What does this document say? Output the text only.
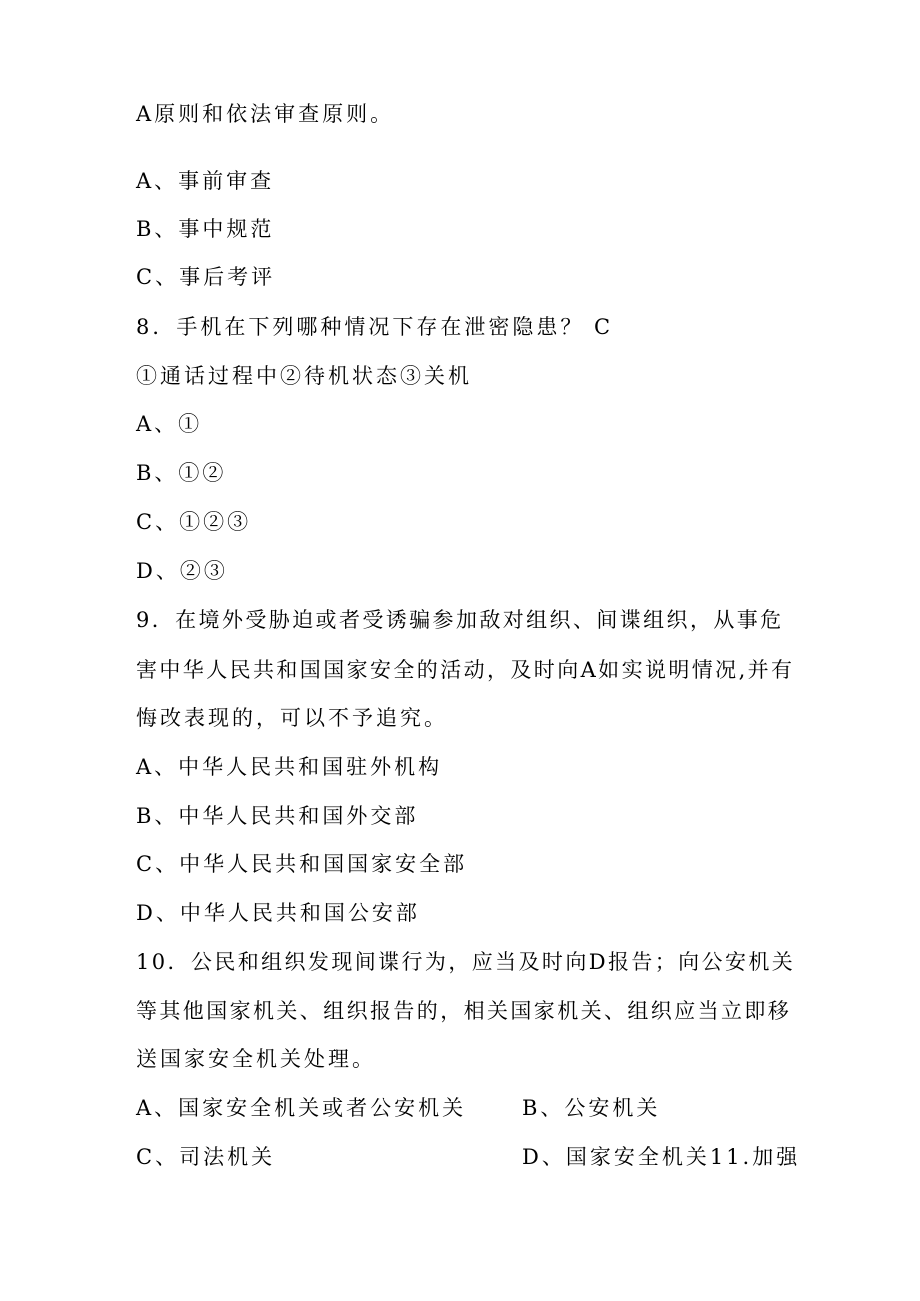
A原则和依法审查原则。
A、事前审查
B、事中规范
C、事后考评
8．手机在下列哪种情况下存在泄密隐患？ C
①通话过程中②待机状态③关机
A、①
B、①②
C、①②③
D、②③
9．在境外受胁迫或者受诱骗参加敌对组织、间谍组织，从事危
害中华人民共和国国家安全的活动，及时向A如实说明情况,并有
悔改表现的，可以不予追究。
A、中华人民共和国驻外机构
B、中华人民共和国外交部
C、中华人民共和国国家安全部
D、中华人民共和国公安部
10．公民和组织发现间谍行为，应当及时向D报告；向公安机关
等其他国家机关、组织报告的，相关国家机关、组织应当立即移
送国家安全机关处理。
A、国家安全机关或者公安机关	B、公安机关
C、司法机关	D、国家安全机关11.加强
